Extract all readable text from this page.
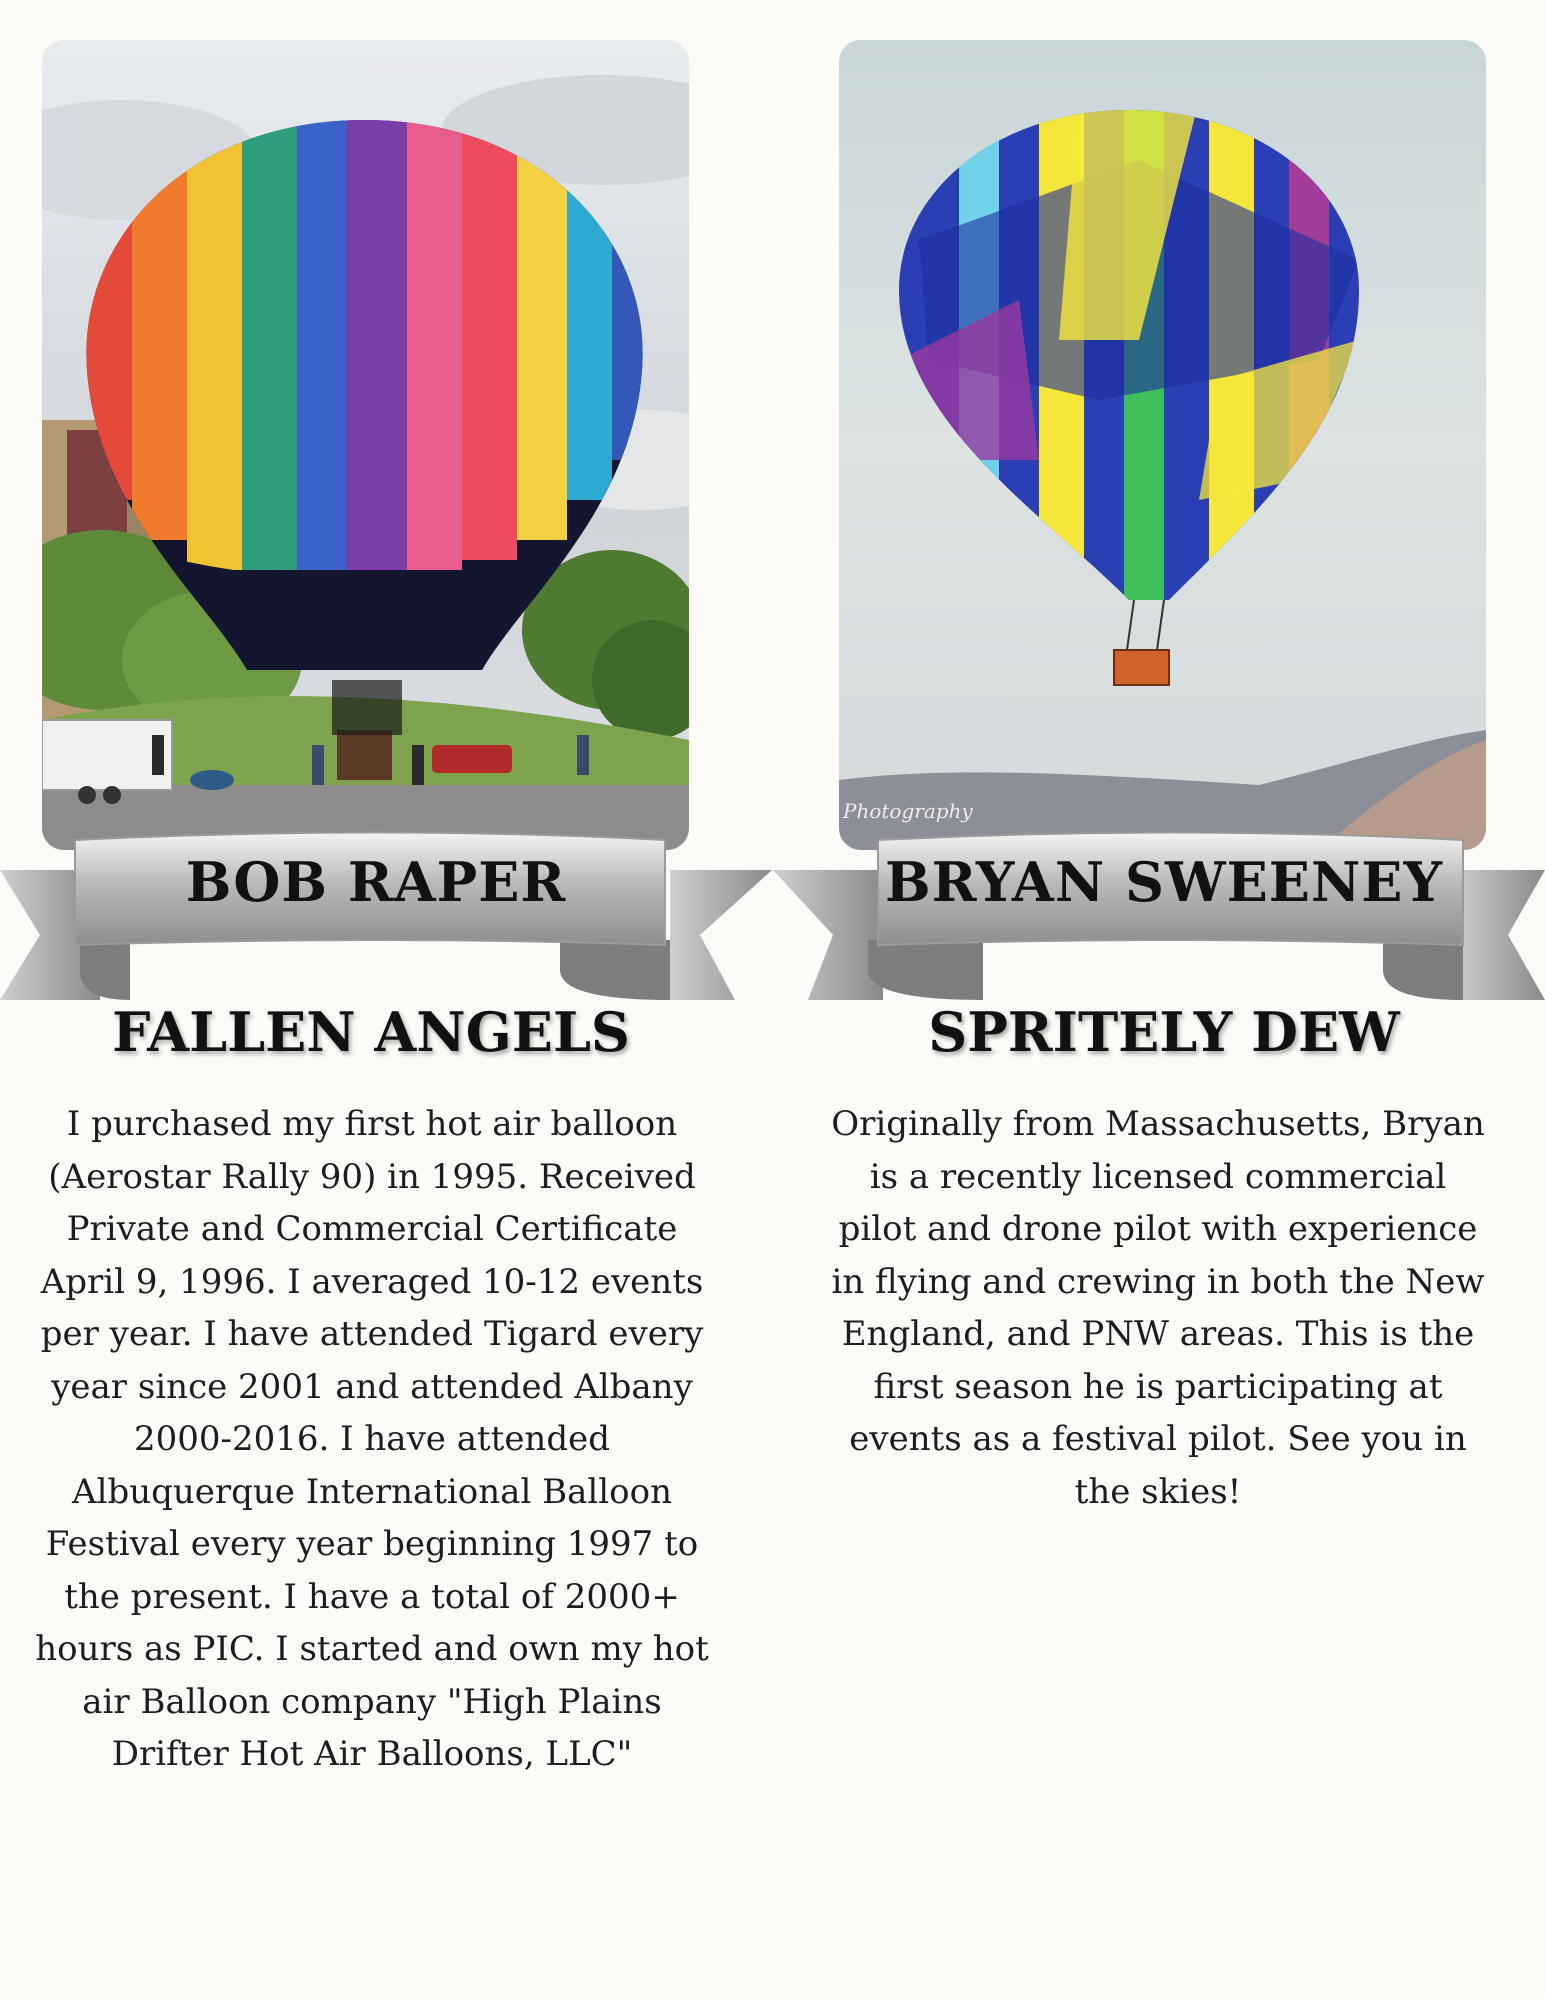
BOB RAPER
FALLEN ANGELS
I purchased my first hot air balloon (Aerostar Rally 90) in 1995. Received Private and Commercial Certificate April 9, 1996. I averaged 10-12 events per year. I have attended Tigard every year since 2001 and attended Albany 2000-2016. I have attended Albuquerque International Balloon Festival every year beginning 1997 to the present. I have a total of 2000+ hours as PIC. I started and own my hot air Balloon company "High Plains Drifter Hot Air Balloons, LLC"
Photography
BRYAN SWEENEY
SPRITELY DEW
Originally from Massachusetts, Bryan is a recently licensed commercial pilot and drone pilot with experience in flying and crewing in both the New England, and PNW areas. This is the first season he is participating at events as a festival pilot. See you in the skies!
